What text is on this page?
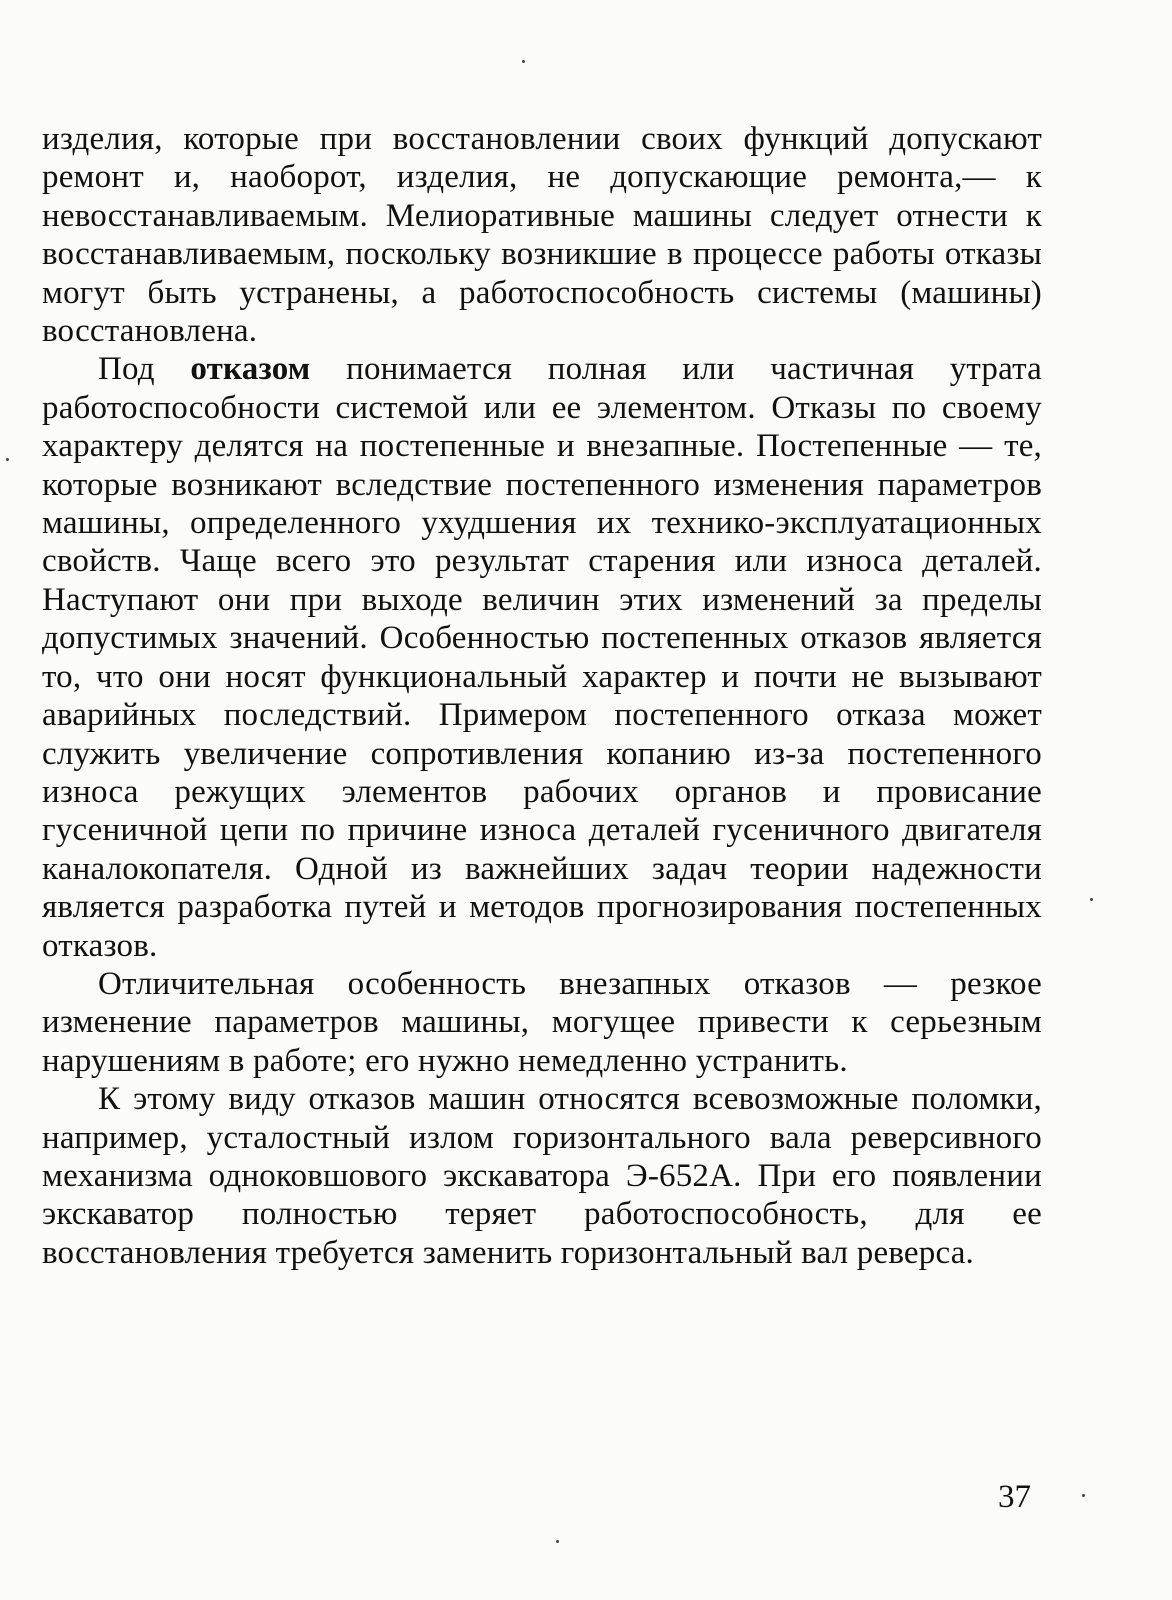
изделия, которые при восстановлении своих функций допускают ремонт и, наоборот, изделия, не допускающие ремонта,— к невосстанавливаемым. Мелиоративные машины следует отнести к восстанавливаемым, поскольку возникшие в процессе работы отказы могут быть устранены, а работоспособность системы (машины) восстановлена.

Под отказом понимается полная или частичная утрата работоспособности системой или ее элементом. Отказы по своему характеру делятся на постепенные и внезапные. Постепенные — те, которые возникают вследствие постепенного изменения параметров машины, определенного ухудшения их технико-эксплуатационных свойств. Чаще всего это результат старения или износа деталей. Наступают они при выходе величин этих изменений за пределы допустимых значений. Особенностью постепенных отказов является то, что они носят функциональный характер и почти не вызывают аварийных последствий. Примером постепенного отказа может служить увеличение сопротивления копанию из-за постепенного износа режущих элементов рабочих органов и провисание гусеничной цепи по причине износа деталей гусеничного двигателя каналокопателя. Одной из важнейших задач теории надежности является разработка путей и методов прогнозирования постепенных отказов.

Отличительная особенность внезапных отказов — резкое изменение параметров машины, могущее привести к серьезным нарушениям в работе; его нужно немедленно устранить.

К этому виду отказов машин относятся всевозможные поломки, например, усталостный излом горизонтального вала реверсивного механизма одноковшового экскаватора Э-652А. При его появлении экскаватор полностью теряет работоспособность, для ее восстановления требуется заменить горизонтальный вал реверса.

37
